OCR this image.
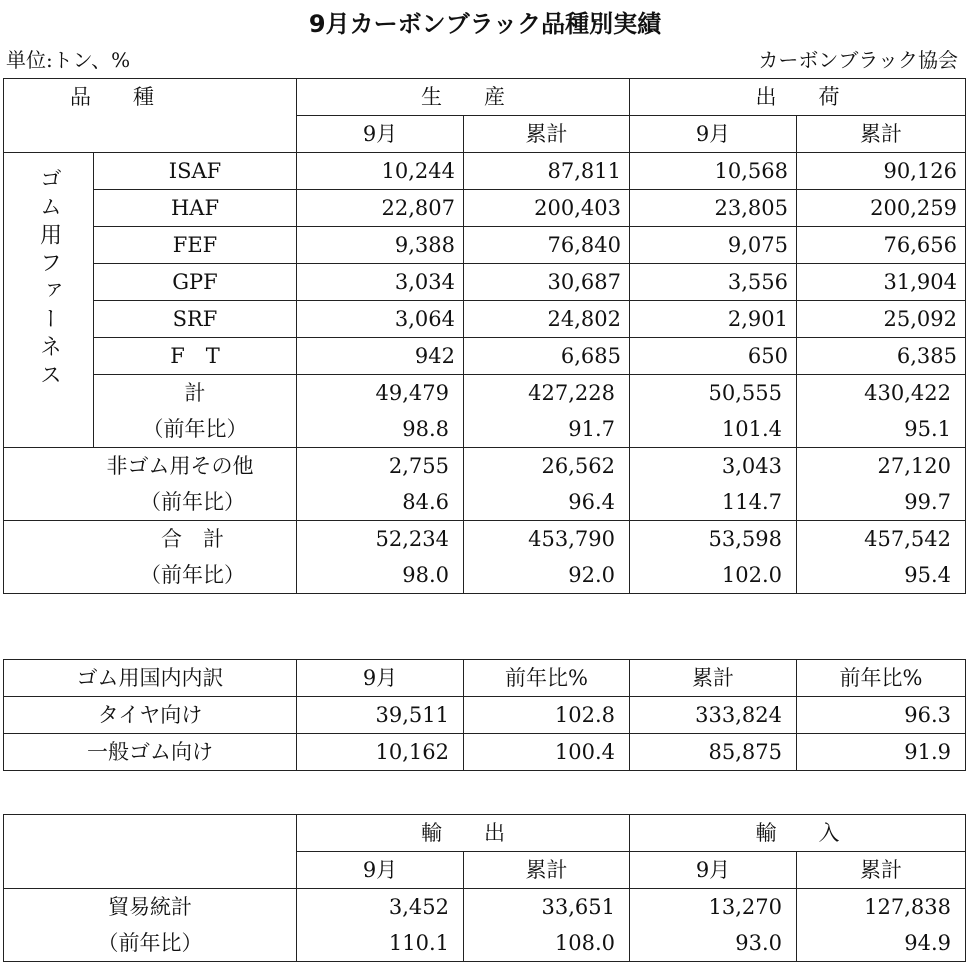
9月カーボンブラック品種別実績
単位:トン、%	カーボンブラック協会
品　　種		生　　産		出　　荷	
		9月	累計	9月	累計

ゴム用ファーネス	ISAF	10,244	87,811	10,568	90,126
	HAF	22,807	200,403	23,805	200,259
	FEF	9,388	76,840	9,075	76,656
	GPF	3,034	30,687	3,556	31,904
	SRF	3,064	24,802	2,901	25,092
	F　T	942	6,685	650	6,385
	計	49,479	427,228	50,555	430,422
	（前年比）	98.8	91.7	101.4	95.1

非ゴム用その他		2,755	26,562	3,043	27,120

（前年比）		84.6	96.4	114.7	99.7

合　計		52,234	453,790	53,598	457,542

（前年比）		98.0	92.0	102.0	95.4
ゴム用国内内訳	9月	前年比%	累計	前年比%
タイヤ向け	39,511	102.8	333,824	96.3
一般ゴム向け	10,162	100.4	85,875	91.9
	輸　　出		輸　　入	
	9月	累計	9月	累計
貿易統計	3,452	33,651	13,270	127,838
（前年比）	110.1	108.0	93.0	94.9
